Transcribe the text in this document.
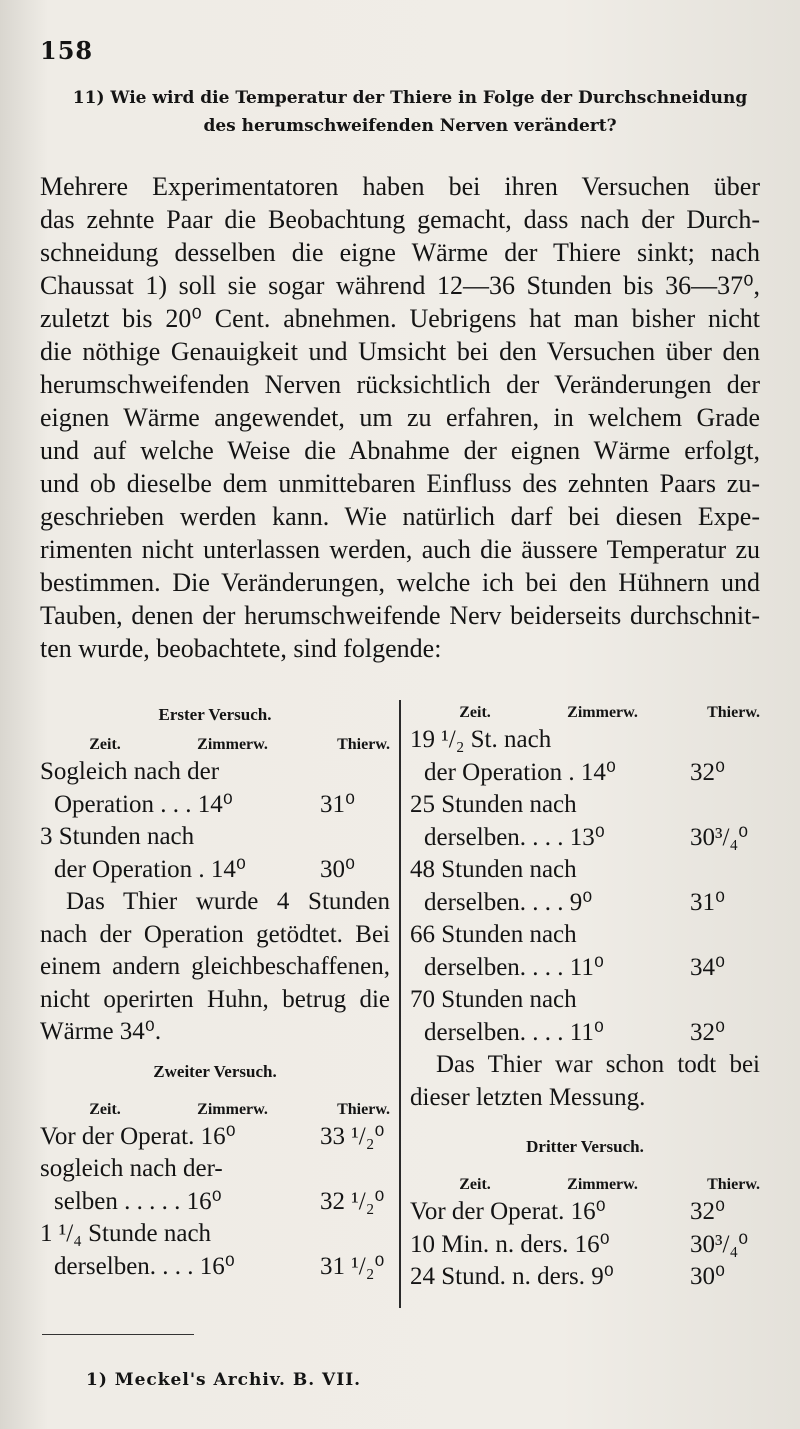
158
11) Wie wird die Temperatur der Thiere in Folge der Durchschneidung
des herumschweifenden Nerven verändert?
Mehrere Experimentatoren haben bei ihren Versuchen über
das zehnte Paar die Beobachtung gemacht, dass nach der Durch-
schneidung desselben die eigne Wärme der Thiere sinkt; nach
Chaussat 1) soll sie sogar während 12—36 Stunden bis 36—37⁰,
zuletzt bis 20⁰ Cent. abnehmen. Uebrigens hat man bisher nicht
die nöthige Genauigkeit und Umsicht bei den Versuchen über den
herumschweifenden Nerven rücksichtlich der Veränderungen der
eignen Wärme angewendet, um zu erfahren, in welchem Grade
und auf welche Weise die Abnahme der eignen Wärme erfolgt,
und ob dieselbe dem unmittebaren Einfluss des zehnten Paars zu-
geschrieben werden kann. Wie natürlich darf bei diesen Expe-
rimenten nicht unterlassen werden, auch die äussere Temperatur zu
bestimmen. Die Veränderungen, welche ich bei den Hühnern und
Tauben, denen der herumschweifende Nerv beiderseits durchschnit-
ten wurde, beobachtete, sind folgende:
Erster Versuch.
Zeit.	Zimmerw.	Thierw.
Sogleich nach der
Operation . . . 14⁰	31⁰
3 Stunden nach
der Operation . 14⁰	30⁰
Das Thier wurde 4 Stunden
nach der Operation getödtet. Bei
einem andern gleichbeschaffenen,
nicht operirten Huhn, betrug die
Wärme 34⁰.
Zweiter Versuch.
Zeit.	Zimmerw.	Thierw.
Vor der Operat. 16⁰	33 ¹/₂⁰
sogleich nach der-
selben . . . . . 16⁰	32 ¹/₂⁰
1 ¹/₄ Stunde nach
derselben. . . . 16⁰	31 ¹/₂⁰
Zeit.	Zimmerw.	Thierw.
19 ¹/₂ St. nach
der Operation . 14⁰	32⁰
25 Stunden nach
derselben. . . . 13⁰	30³/₄⁰
48 Stunden nach
derselben. . . . 9⁰	31⁰
66 Stunden nach
derselben. . . . 11⁰	34⁰
70 Stunden nach
derselben. . . . 11⁰	32⁰
Das Thier war schon todt bei
dieser letzten Messung.
Dritter Versuch.
Zeit.	Zimmerw.	Thierw.
Vor der Operat. 16⁰	32⁰
10 Min. n. ders. 16⁰	30³/₄⁰
24 Stund. n. ders. 9⁰	30⁰
1) Meckel's Archiv. B. VII.
